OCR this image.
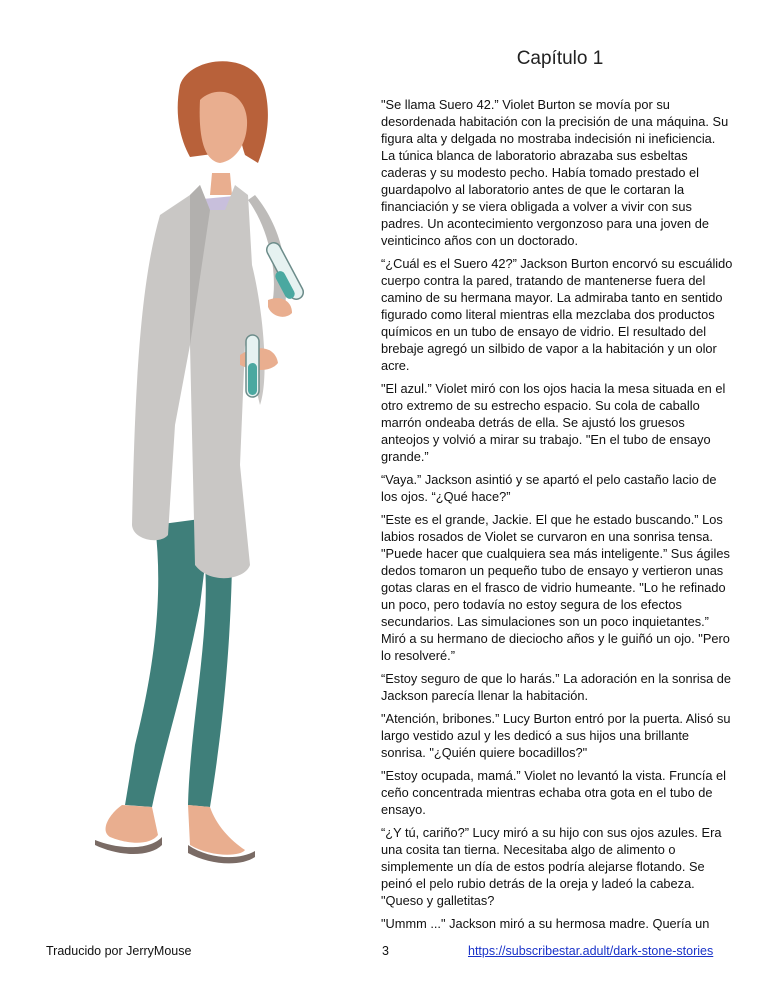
Capítulo 1

"Se llama Suero 42.” Violet Burton se movía por su desordenada habitación con la precisión de una máquina. Su figura alta y delgada no mostraba indecisión ni ineficiencia. La túnica blanca de laboratorio abrazaba sus esbeltas caderas y su modesto pecho. Había tomado prestado el guardapolvo al laboratorio antes de que le cortaran la financiación y se viera obligada a volver a vivir con sus padres. Un acontecimiento vergonzoso para una joven de veinticinco años con un doctorado.

“¿Cuál es el Suero 42?” Jackson Burton encorvó su escuálido cuerpo contra la pared, tratando de mantenerse fuera del camino de su hermana mayor. La admiraba tanto en sentido figurado como literal mientras ella mezclaba dos productos químicos en un tubo de ensayo de vidrio. El resultado del brebaje agregó un silbido de vapor a la habitación y un olor acre.

"El azul.” Violet miró con los ojos hacia la mesa situada en el otro extremo de su estrecho espacio. Su cola de caballo marrón ondeaba detrás de ella. Se ajustó los gruesos anteojos y volvió a mirar su trabajo. "En el tubo de ensayo grande.”

“Vaya.” Jackson asintió y se apartó el pelo castaño lacio de los ojos. “¿Qué hace?”

"Este es el grande, Jackie. El que he estado buscando.” Los labios rosados de Violet se curvaron en una sonrisa tensa. "Puede hacer que cualquiera sea más inteligente.” Sus ágiles dedos tomaron un pequeño tubo de ensayo y vertieron unas gotas claras en el frasco de vidrio humeante. "Lo he refinado un poco, pero todavía no estoy segura de los efectos secundarios. Las simulaciones son un poco inquietantes.” Miró a su hermano de dieciocho años y le guiñó un ojo. "Pero lo resolveré.”

“Estoy seguro de que lo harás.” La adoración en la sonrisa de Jackson parecía llenar la habitación.

"Atención, bribones.” Lucy Burton entró por la puerta. Alisó su largo vestido azul y les dedicó a sus hijos una brillante sonrisa. "¿Quién quiere bocadillos?"

"Estoy ocupada, mamá.” Violet no levantó la vista. Fruncía el ceño concentrada mientras echaba otra gota en el tubo de ensayo.

“¿Y tú, cariño?” Lucy miró a su hijo con sus ojos azules. Era una cosita tan tierna. Necesitaba algo de alimento o simplemente un día de estos podría alejarse flotando. Se peinó el pelo rubio detrás de la oreja y ladeó la cabeza. "Queso y galletitas?

"Ummm ..." Jackson miró a su hermosa madre. Quería un

Traducido por JerryMouse	3	https://subscribestar.adult/dark-stone-stories
